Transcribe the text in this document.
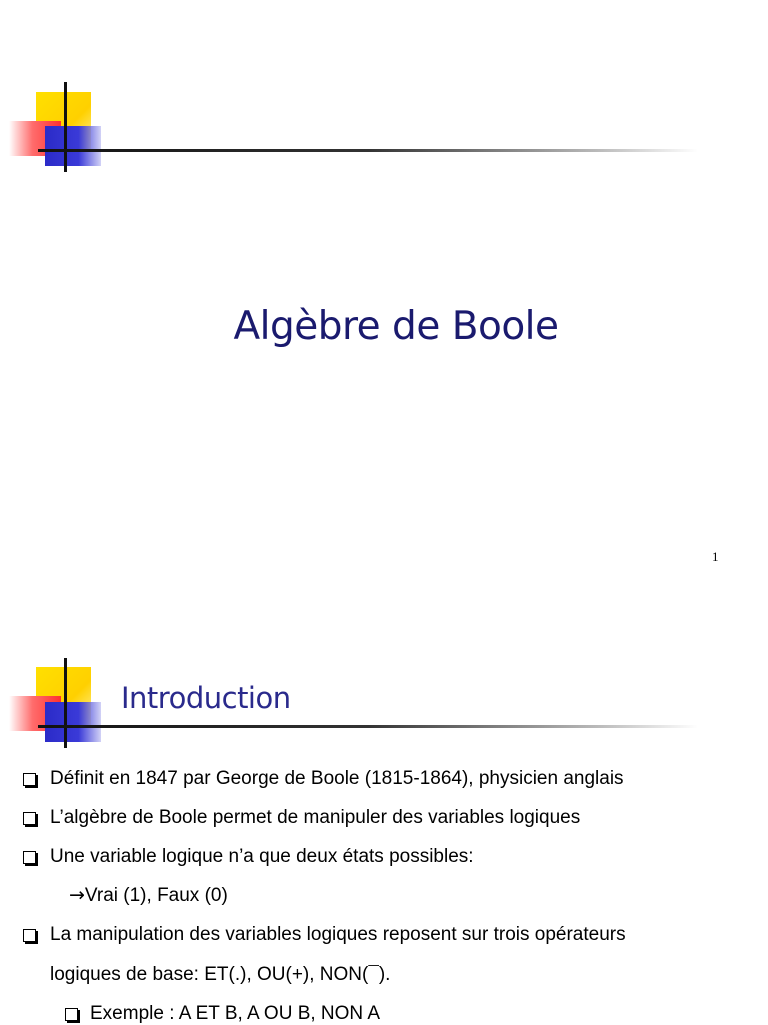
Algèbre de Boole
1
Introduction
Définit en 1847 par George de Boole (1815-1864), physicien anglais
L’algèbre de Boole permet de manipuler des variables logiques
Une variable logique n’a que deux états possibles:
→Vrai (1), Faux (0)
La manipulation des variables logiques reposent sur trois opérateurs
logiques de base: ET(.), OU(+), NON(¯).
Exemple : A ET B, A OU B, NON A
